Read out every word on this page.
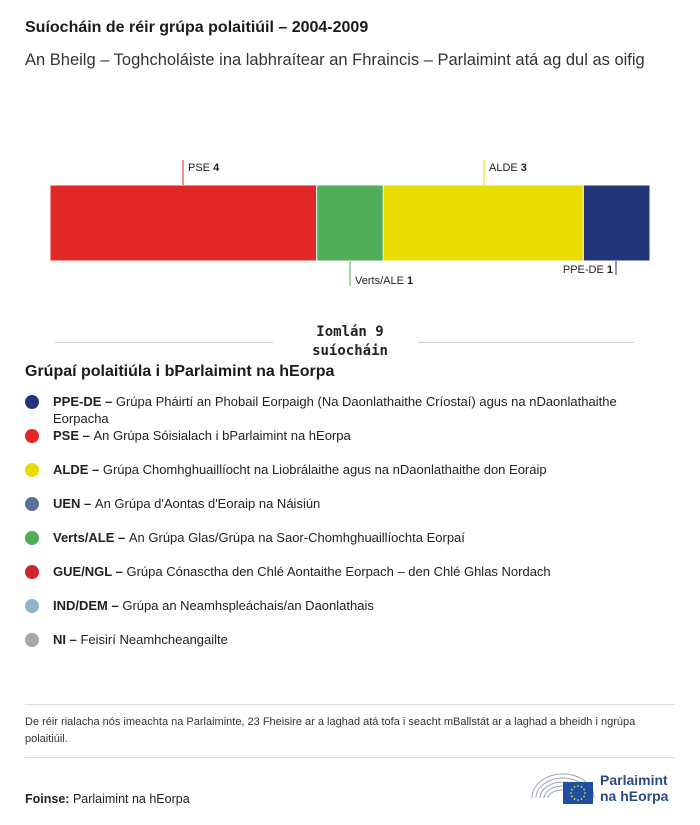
Suíocháin de réir grúpa polaitiúil – 2004-2009
An Bheilg – Toghcholáiste ina labhraítear an Fhraincis – Parlaimint atá ag dul as oifig
PSE 4
Verts/ALE 1
ALDE 3
PPE-DE 1
Iomlán 9 suíocháin
Grúpaí polaitiúla i bParlaimint na hEorpa
PPE-DE – Grúpa Pháirtí an Phobail Eorpaigh (Na Daonlathaithe Críostaí) agus na nDaonlathaithe Eorpacha
PSE – An Grúpa Sóisialach i bParlaimint na hEorpa
ALDE – Grúpa Chomhghuaillíocht na Liobrálaithe agus na nDaonlathaithe don Eoraip
UEN – An Grúpa d'Aontas d'Eoraip na Náisiún
Verts/ALE – An Grúpa Glas/Grúpa na Saor-Chomhghuaillíochta Eorpaí
GUE/NGL – Grúpa Cónasctha den Chlé Aontaithe Eorpach – den Chlé Ghlas Nordach
IND/DEM – Grúpa an Neamhspleáchais/an Daonlathais
NI – Feisirí Neamhcheangailte
De réir rialacha nós imeachta na Parlaiminte, 23 Fheisire ar a laghad atá tofa i seacht mBallstát ar a laghad a bheidh i ngrúpa polaitiúil.
Foinse: Parlaimint na hEorpa
Parlaimint
na hEorpa
